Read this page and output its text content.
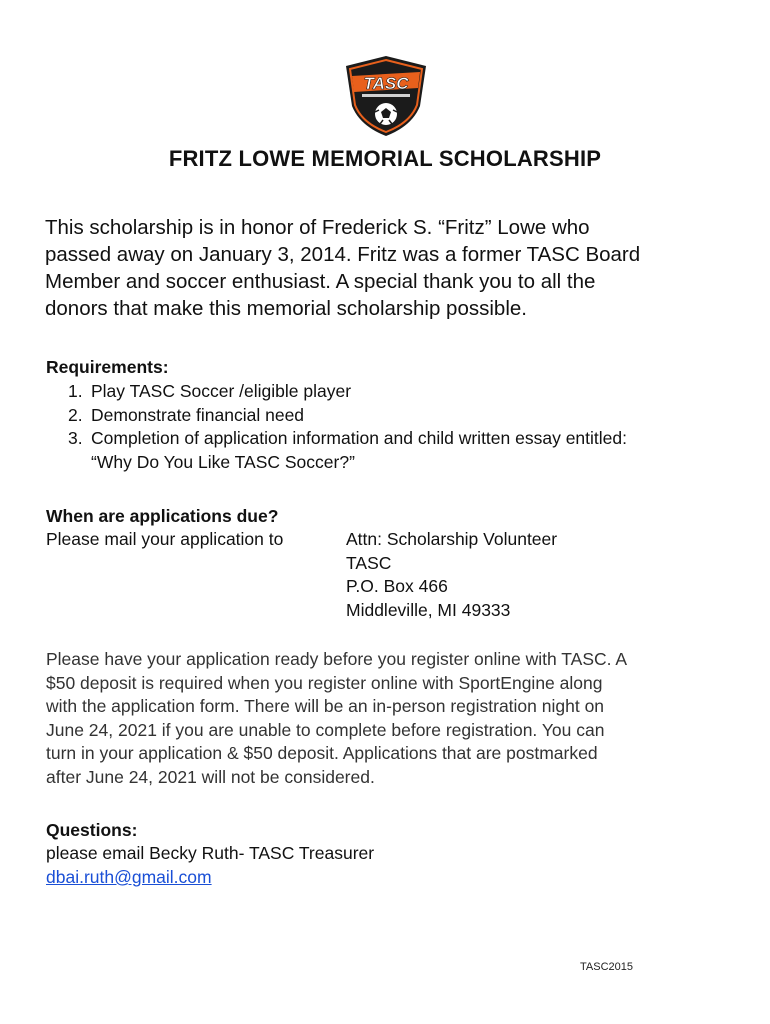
TASC
FRITZ LOWE MEMORIAL SCHOLARSHIP
This scholarship is in honor of Frederick S. “Fritz” Lowe who
passed away on January 3, 2014. Fritz was a former TASC Board
Member and soccer enthusiast. A special thank you to all the
donors that make this memorial scholarship possible.
Requirements:
1. Play TASC Soccer /eligible player
2. Demonstrate financial need
3. Completion of application information and child written essay entitled:
“Why Do You Like TASC Soccer?”
When are applications due?
Please mail your application to	Attn: Scholarship Volunteer
TASC
P.O. Box 466
Middleville, MI 49333
Please have your application ready before you register online with TASC. A
$50 deposit is required when you register online with SportEngine along
with the application form. There will be an in-person registration night on
June 24, 2021 if you are unable to complete before registration. You can
turn in your application & $50 deposit. Applications that are postmarked
after June 24, 2021 will not be considered.
Questions:
please email Becky Ruth- TASC Treasurer
dbai.ruth@gmail.com
TASC2015
